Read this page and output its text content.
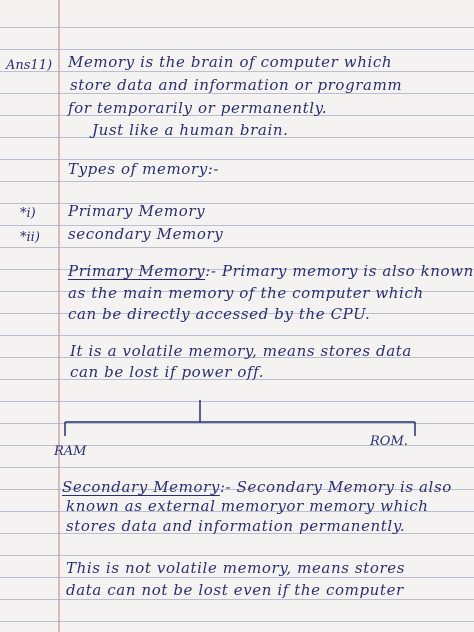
Ans11) Memory is the brain of computer which
store data and information or programm
for temporarily or permanently.
Just like a human brain.
Types of memory:-
*i) Primary Memory
*ii) secondary Memory
Primary Memory:- Primary memory is also known
as the main memory of the computer which
can be directly accessed by the CPU.
It is a volatile memory, means stores data
can be lost if power off.
RAM
ROM.
Secondary Memory:- Secondary Memory is also
known as external memoryor memory which
stores data and information permanently.
This is not volatile memory, means stores
data can not be lost even if the computer
